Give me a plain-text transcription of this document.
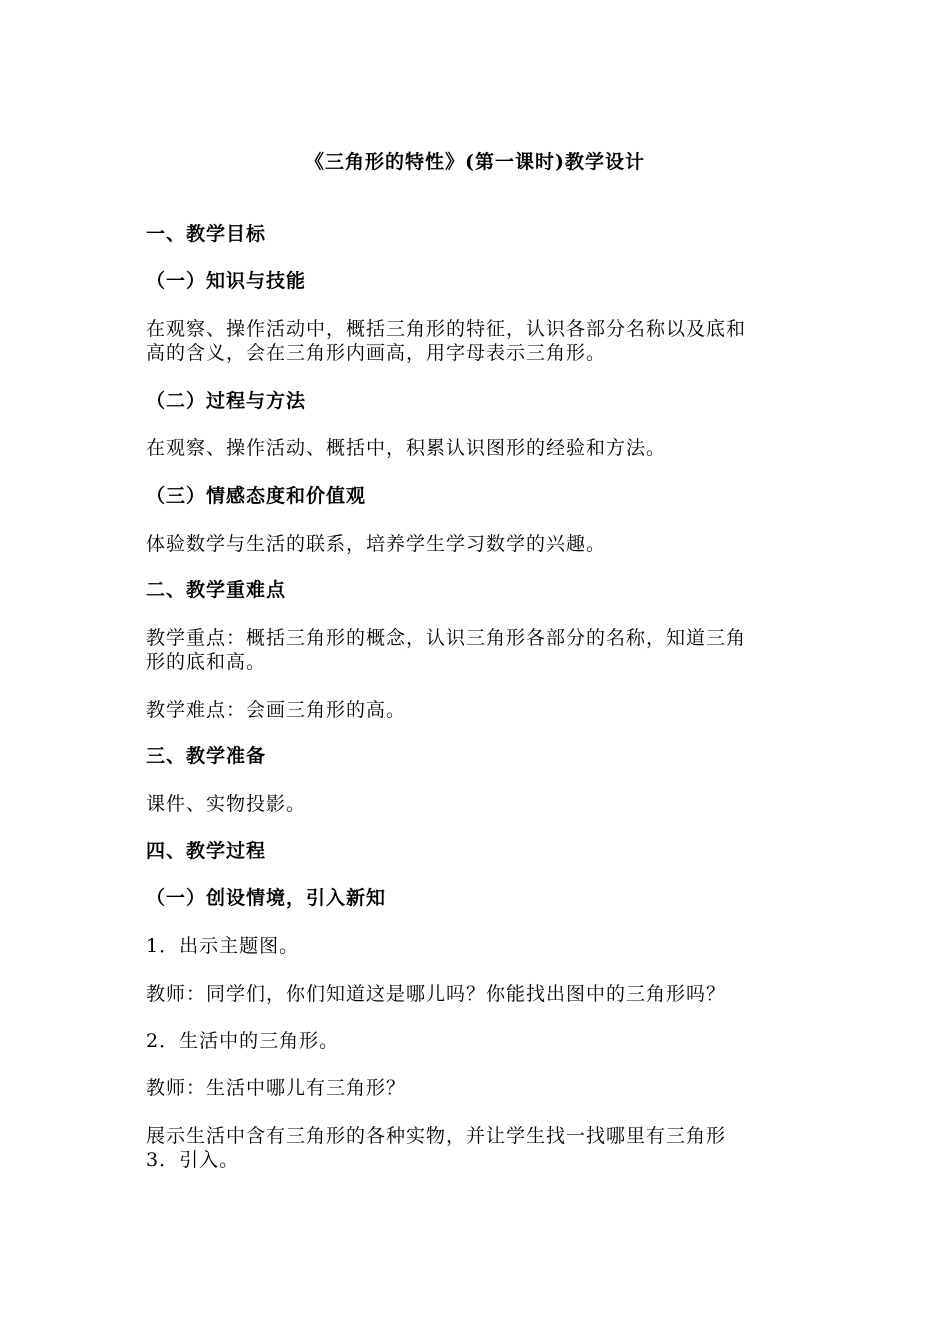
《三角形的特性》(第一课时)教学设计
一、教学目标
（一）知识与技能
在观察、操作活动中，概括三角形的特征，认识各部分名称以及底和
高的含义，会在三角形内画高，用字母表示三角形。
（二）过程与方法
在观察、操作活动、概括中，积累认识图形的经验和方法。
（三）情感态度和价值观
体验数学与生活的联系，培养学生学习数学的兴趣。
二、教学重难点
教学重点：概括三角形的概念，认识三角形各部分的名称，知道三角
形的底和高。
教学难点：会画三角形的高。
三、教学准备
课件、实物投影。
四、教学过程
（一）创设情境，引入新知
1．出示主题图。
教师：同学们，你们知道这是哪儿吗？你能找出图中的三角形吗？
2．生活中的三角形。
教师：生活中哪儿有三角形？
展示生活中含有三角形的各种实物，并让学生找一找哪里有三角形
3．引入。
